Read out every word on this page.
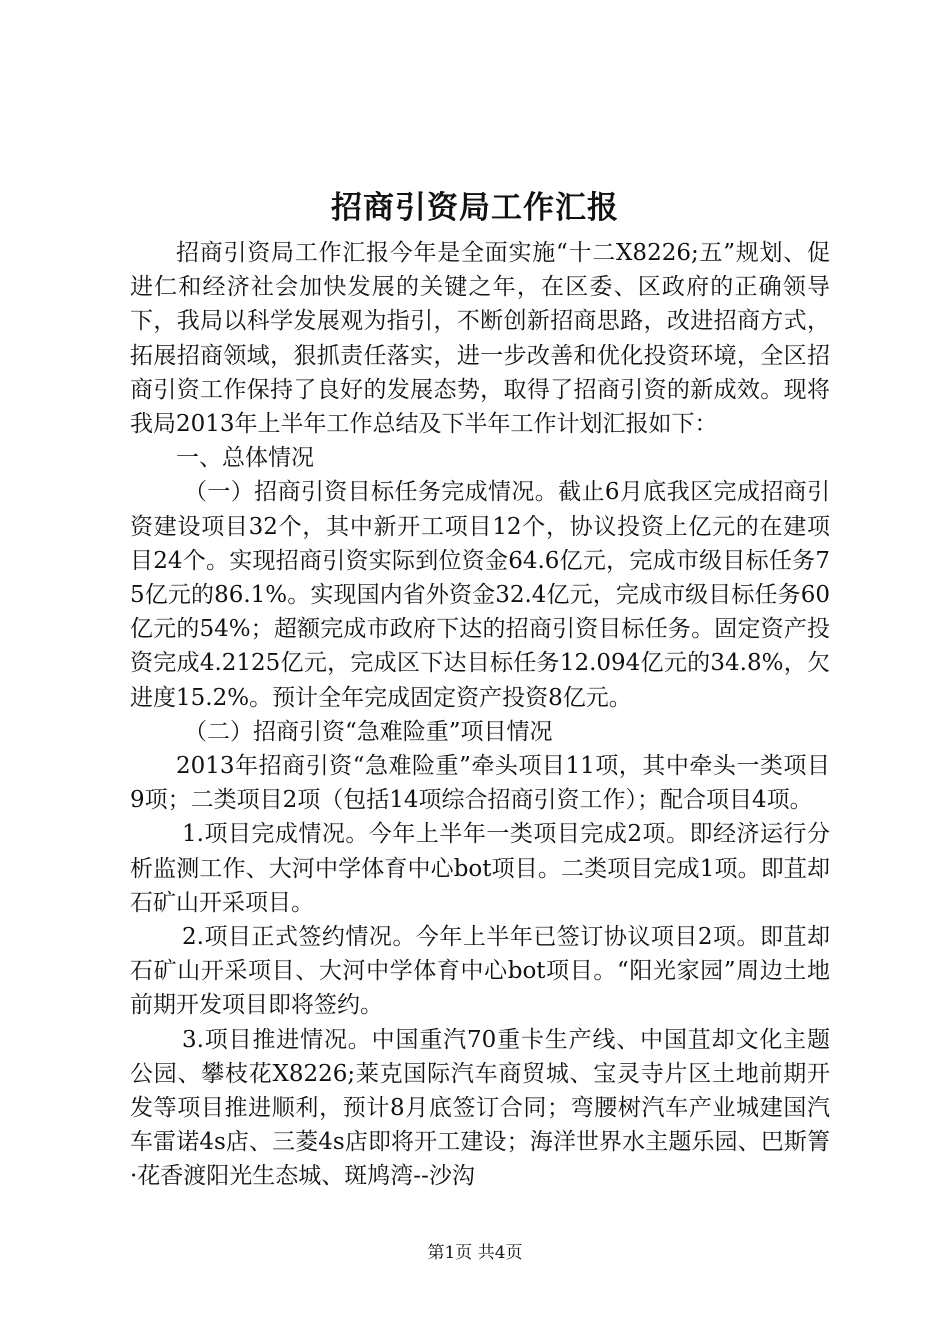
招商引资局工作汇报

招商引资局工作汇报今年是全面实施“十二X8226;五”规划、促进仁和经济社会加快发展的关键之年，在区委、区政府的正确领导下，我局以科学发展观为指引，不断创新招商思路，改进招商方式，拓展招商领域，狠抓责任落实，进一步改善和优化投资环境，全区招商引资工作保持了良好的发展态势，取得了招商引资的新成效。现将我局2013年上半年工作总结及下半年工作计划汇报如下：

一、总体情况

（一）招商引资目标任务完成情况。截止6月底我区完成招商引资建设项目32个，其中新开工项目12个，协议投资上亿元的在建项目24个。实现招商引资实际到位资金64.6亿元，完成市级目标任务75亿元的86.1%。实现国内省外资金32.4亿元，完成市级目标任务60亿元的54%；超额完成市政府下达的招商引资目标任务。固定资产投资完成4.2125亿元，完成区下达目标任务12.094亿元的34.8%，欠进度15.2%。预计全年完成固定资产投资8亿元。

（二）招商引资“急难险重”项目情况

2013年招商引资“急难险重”牵头项目11项，其中牵头一类项目9项；二类项目2项（包括14项综合招商引资工作）；配合项目4项。

1.项目完成情况。今年上半年一类项目完成2项。即经济运行分析监测工作、大河中学体育中心bot项目。二类项目完成1项。即苴却石矿山开采项目。

2.项目正式签约情况。今年上半年已签订协议项目2项。即苴却石矿山开采项目、大河中学体育中心bot项目。“阳光家园”周边土地前期开发项目即将签约。

3.项目推进情况。中国重汽70重卡生产线、中国苴却文化主题公园、攀枝花X8226;莱克国际汽车商贸城、宝灵寺片区土地前期开发等项目推进顺利，预计8月底签订合同；弯腰树汽车产业城建国汽车雷诺4s店、三菱4s店即将开工建设；海洋世界水主题乐园、巴斯箐·花香渡阳光生态城、斑鸠湾--沙沟

第1页 共4页
